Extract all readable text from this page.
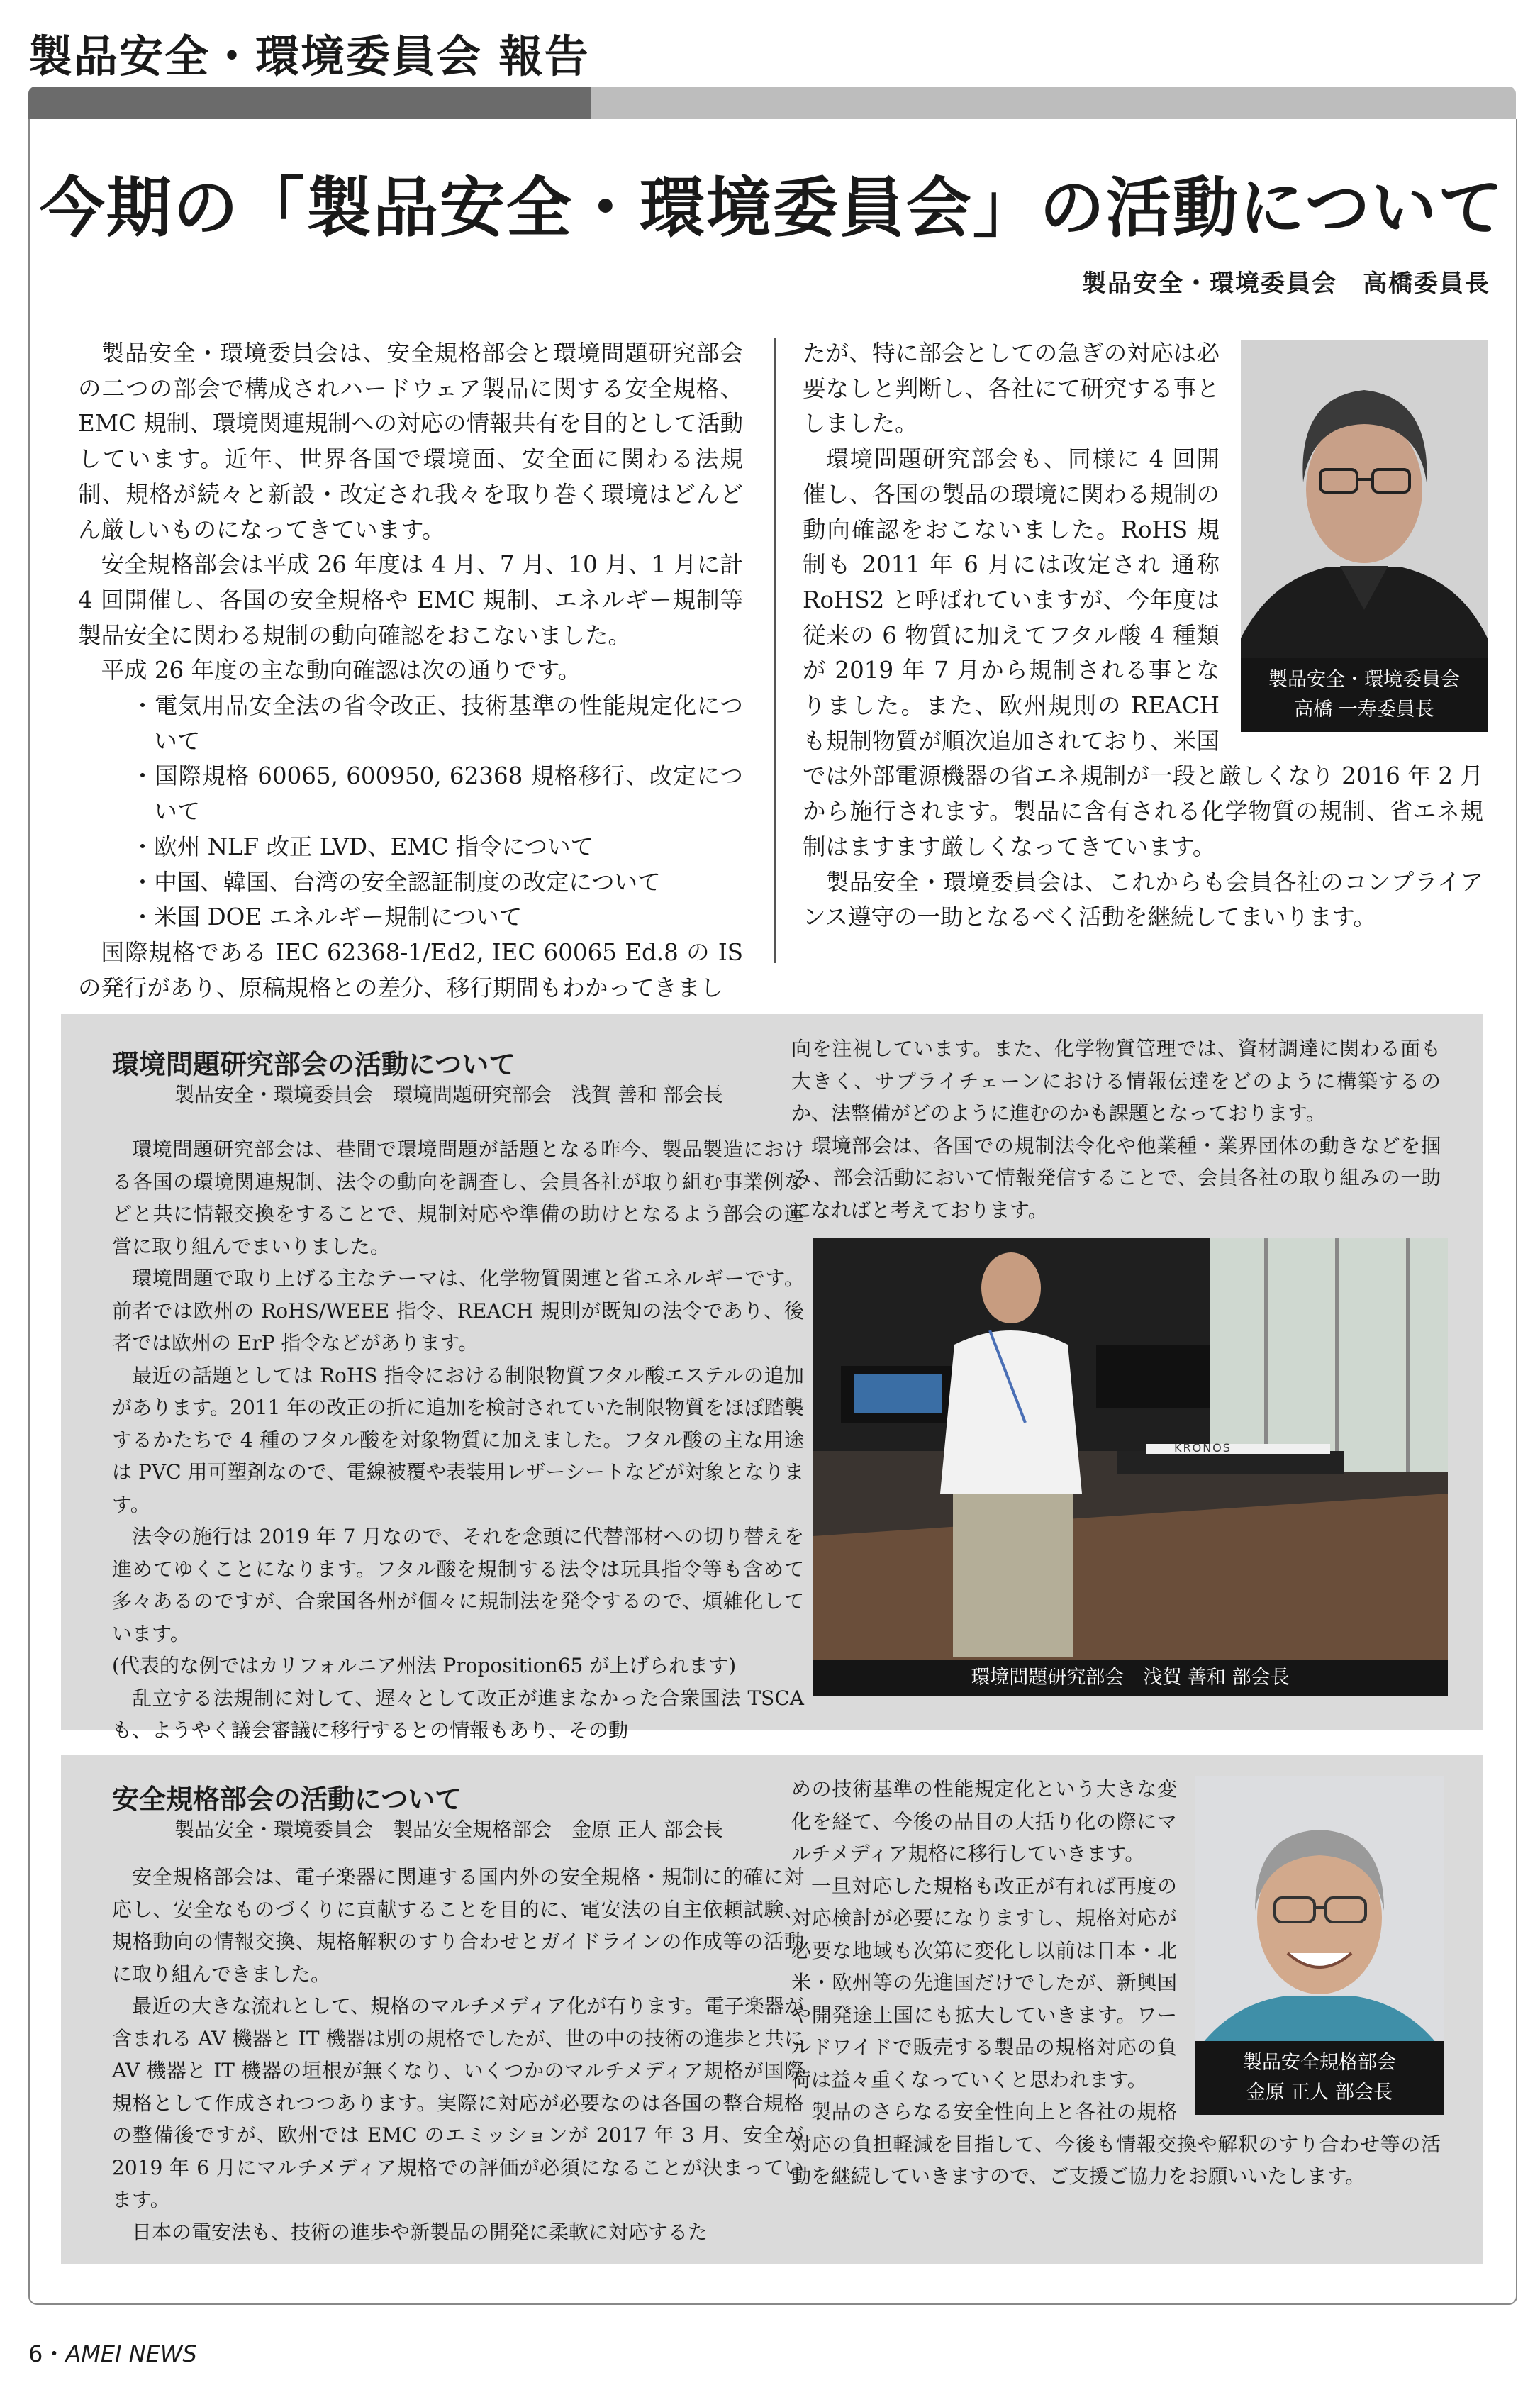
製品安全・環境委員会 報告
今期の「製品安全・環境委員会」の活動について
製品安全・環境委員会　高橋委員長

製品安全・環境委員会は、安全規格部会と環境問題研究部会の二つの部会で構成されハードウェア製品に関する安全規格、EMC 規制、環境関連規制への対応の情報共有を目的として活動しています。近年、世界各国で環境面、安全面に関わる法規制、規格が続々と新設・改定され我々を取り巻く環境はどんどん厳しいものになってきています。

安全規格部会は平成 26 年度は 4 月、7 月、10 月、1 月に計 4 回開催し、各国の安全規格や EMC 規制、エネルギー規制等製品安全に関わる規制の動向確認をおこないました。

平成 26 年度の主な動向確認は次の通りです。

・電気用品安全法の省令改正、技術基準の性能規定化について
・国際規格 60065, 600950, 62368 規格移行、改定について
・欧州 NLF 改正 LVD、EMC 指令について
・中国、韓国、台湾の安全認証制度の改定について
・米国 DOE エネルギー規制について

国際規格である IEC 62368-1/Ed2, IEC 60065 Ed.8 の IS の発行があり、原稿規格との差分、移行期間もわかってきまし

製品安全・環境委員会
高橋 一寿委員長

たが、特に部会としての急ぎの対応は必要なしと判断し、各社にて研究する事としました。

環境問題研究部会も、同様に 4 回開催し、各国の製品の環境に関わる規制の動向確認をおこないました。RoHS 規制も 2011 年 6 月には改定され 通称 RoHS2 と呼ばれていますが、今年度は従来の 6 物質に加えてフタル酸 4 種類が 2019 年 7 月から規制される事となりました。また、欧州規則の REACH も規制物質が順次追加されており、米国では外部電源機器の省エネ規制が一段と厳しくなり 2016 年 2 月から施行されます。製品に含有される化学物質の規制、省エネ規制はますます厳しくなってきています。

製品安全・環境委員会は、これからも会員各社のコンプライアンス遵守の一助となるべく活動を継続してまいります。

環境問題研究部会の活動について
製品安全・環境委員会　環境問題研究部会　浅賀 善和 部会長

環境問題研究部会は、巷間で環境問題が話題となる昨今、製品製造における各国の環境関連規制、法令の動向を調査し、会員各社が取り組む事業例などと共に情報交換をすることで、規制対応や準備の助けとなるよう部会の運営に取り組んでまいりました。

環境問題で取り上げる主なテーマは、化学物質関連と省エネルギーです。前者では欧州の RoHS/WEEE 指令、REACH 規則が既知の法令であり、後者では欧州の ErP 指令などがあります。

最近の話題としては RoHS 指令における制限物質フタル酸エステルの追加があります。2011 年の改正の折に追加を検討されていた制限物質をほぼ踏襲するかたちで 4 種のフタル酸を対象物質に加えました。フタル酸の主な用途は PVC 用可塑剤なので、電線被覆や表装用レザーシートなどが対象となります。

法令の施行は 2019 年 7 月なので、それを念頭に代替部材への切り替えを進めてゆくことになります。フタル酸を規制する法令は玩具指令等も含めて多々あるのですが、合衆国各州が個々に規制法を発令するので、煩雑化しています。

(代表的な例ではカリフォルニア州法 Proposition65 が上げられます)

乱立する法規制に対して、遅々として改正が進まなかった合衆国法 TSCA も、ようやく議会審議に移行するとの情報もあり、その動

向を注視しています。また、化学物質管理では、資材調達に関わる面も大きく、サプライチェーンにおける情報伝達をどのように構築するのか、法整備がどのように進むのかも課題となっております。

環境部会は、各国での規制法令化や他業種・業界団体の動きなどを掴み、部会活動において情報発信することで、会員各社の取り組みの一助になればと考えております。

KRONOS
環境問題研究部会　浅賀 善和 部会長
安全規格部会の活動について
製品安全・環境委員会　製品安全規格部会　金原 正人 部会長

安全規格部会は、電子楽器に関連する国内外の安全規格・規制に的確に対応し、安全なものづくりに貢献することを目的に、電安法の自主依頼試験、規格動向の情報交換、規格解釈のすり合わせとガイドラインの作成等の活動に取り組んできました。

最近の大きな流れとして、規格のマルチメディア化が有ります。電子楽器が含まれる AV 機器と IT 機器は別の規格でしたが、世の中の技術の進歩と共に AV 機器と IT 機器の垣根が無くなり、いくつかのマルチメディア規格が国際規格として作成されつつあります。実際に対応が必要なのは各国の整合規格の整備後ですが、欧州では EMC のエミッションが 2017 年 3 月、安全が 2019 年 6 月にマルチメディア規格での評価が必須になることが決まっています。

日本の電安法も、技術の進歩や新製品の開発に柔軟に対応するた

製品安全規格部会
金原 正人 部会長

めの技術基準の性能規定化という大きな変化を経て、今後の品目の大括り化の際にマルチメディア規格に移行していきます。

一旦対応した規格も改正が有れば再度の対応検討が必要になりますし、規格対応が必要な地域も次第に変化し以前は日本・北米・欧州等の先進国だけでしたが、新興国や開発途上国にも拡大していきます。ワールドワイドで販売する製品の規格対応の負荷は益々重くなっていくと思われます。

製品のさらなる安全性向上と各社の規格対応の負担軽減を目指して、今後も情報交換や解釈のすり合わせ等の活動を継続していきますので、ご支援ご協力をお願いいたします。

6・AMEI NEWS
